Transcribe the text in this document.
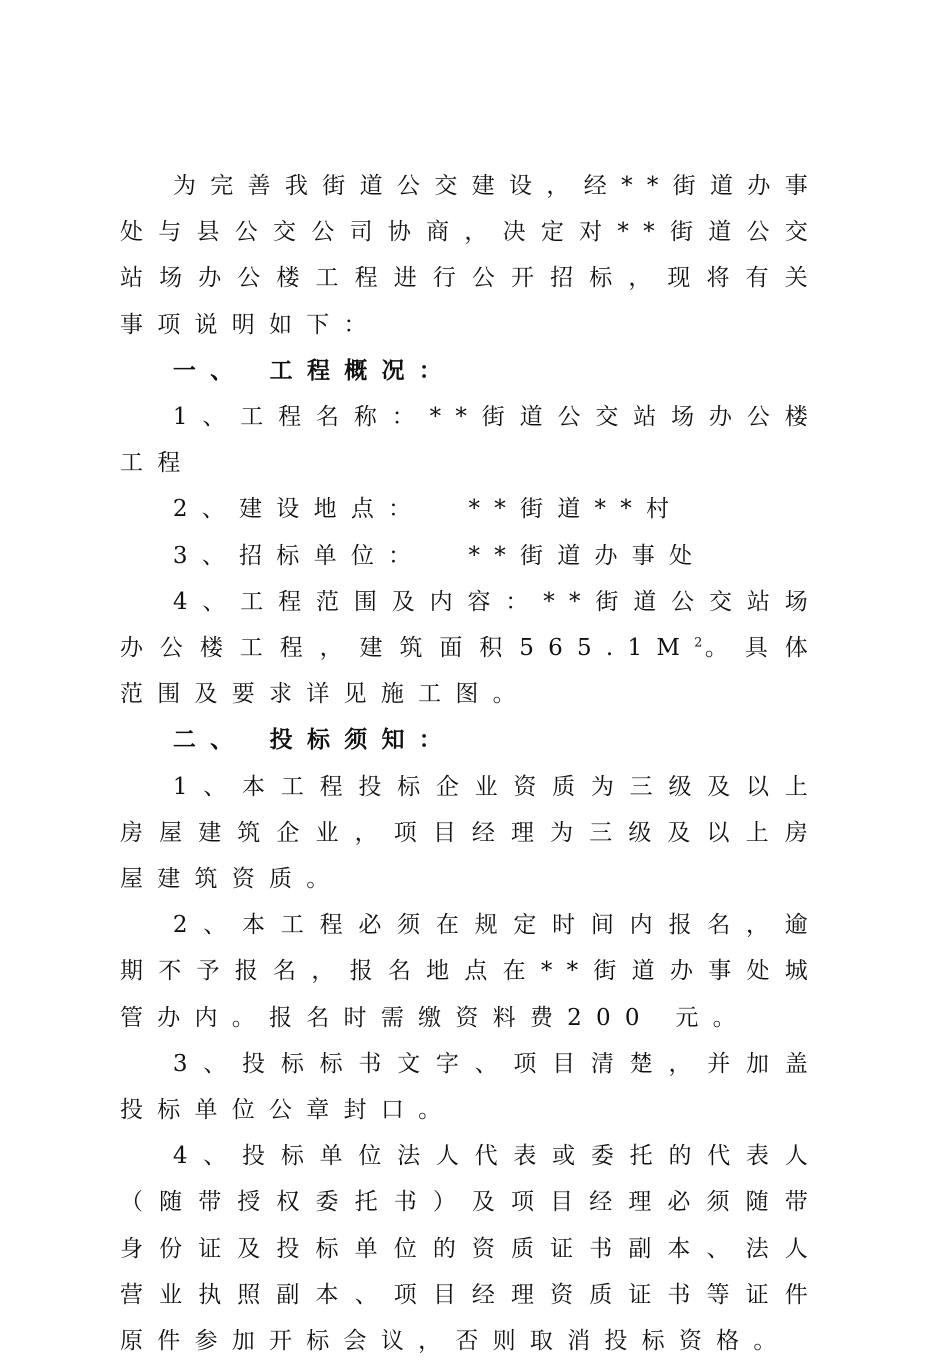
为完善我街道公交建设，经**街道办事处与县公交公司协商，决定对**街道公交站场办公楼工程进行公开招标，现将有关事项说明如下：

一、 工程概况：

1、工程名称：**街道公交站场办公楼工程

2、建设地点：  **街道**村

3、招标单位：  **街道办事处

4、工程范围及内容：**街道公交站场办公楼工程，建筑面积$565.1M^2$。具体范围及要求详见施工图。

二、 投标须知：

1、本工程投标企业资质为三级及以上房屋建筑企业，项目经理为三级及以上房屋建筑资质。

2、本工程必须在规定时间内报名，逾期不予报名，报名地点在**街道办事处城管办内。报名时需缴资料费200 元。

3、投标标书文字、项目清楚，并加盖投标单位公章封口。

4、投标单位法人代表或委托的代表人（随带授权委托书）及项目经理必须随带身份证及投标单位的资质证书副本、法人营业执照副本、项目经理资质证书等证件原件参加开标会议，否则取消投标资格。
